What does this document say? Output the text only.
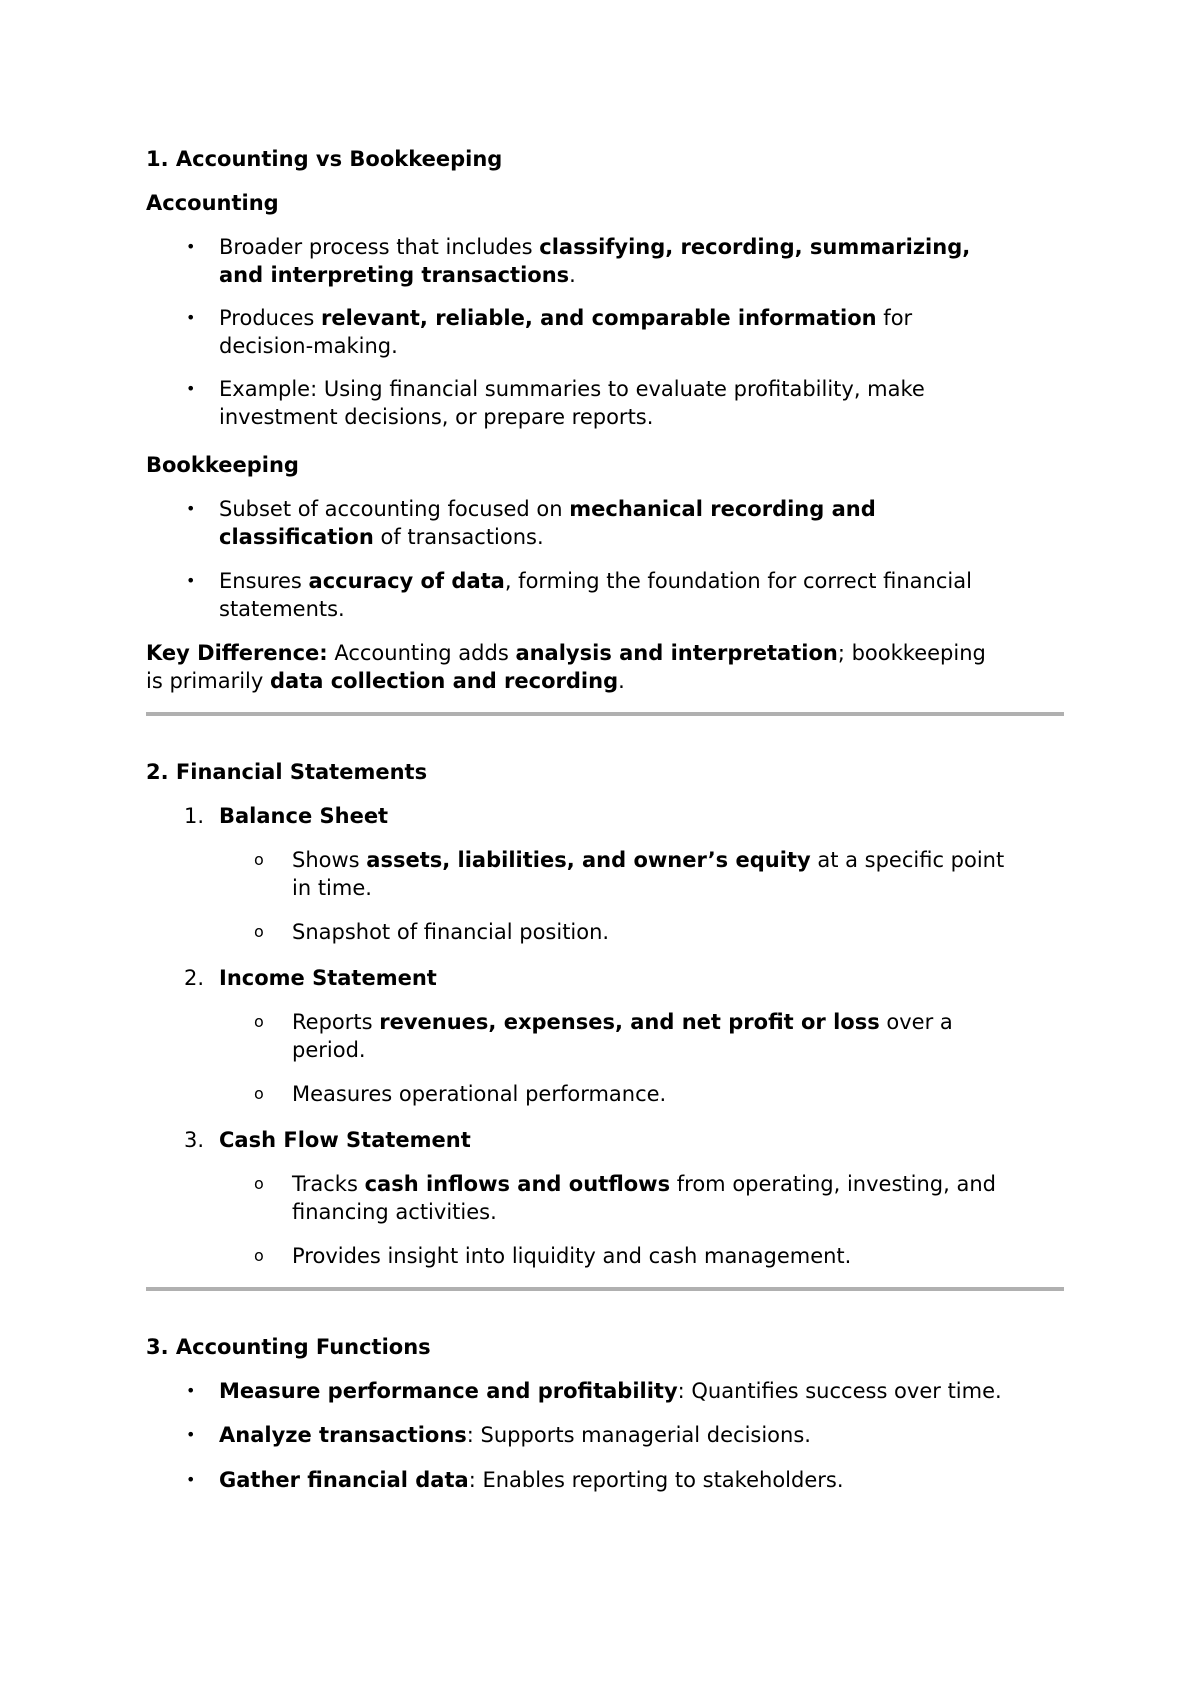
1. Accounting vs Bookkeeping
Accounting
• Broader process that includes classifying, recording, summarizing,
and interpreting transactions.
• Produces relevant, reliable, and comparable information for
decision-making.
• Example: Using financial summaries to evaluate profitability, make
investment decisions, or prepare reports.
Bookkeeping
• Subset of accounting focused on mechanical recording and
classification of transactions.
• Ensures accuracy of data, forming the foundation for correct financial
statements.
Key Difference: Accounting adds analysis and interpretation; bookkeeping
is primarily data collection and recording.
2. Financial Statements
1. Balance Sheet
o Shows assets, liabilities, and owner’s equity at a specific point
in time.
o Snapshot of financial position.
2. Income Statement
o Reports revenues, expenses, and net profit or loss over a
period.
o Measures operational performance.
3. Cash Flow Statement
o Tracks cash inflows and outflows from operating, investing, and
financing activities.
o Provides insight into liquidity and cash management.
3. Accounting Functions
• Measure performance and profitability: Quantifies success over time.
• Analyze transactions: Supports managerial decisions.
• Gather financial data: Enables reporting to stakeholders.
